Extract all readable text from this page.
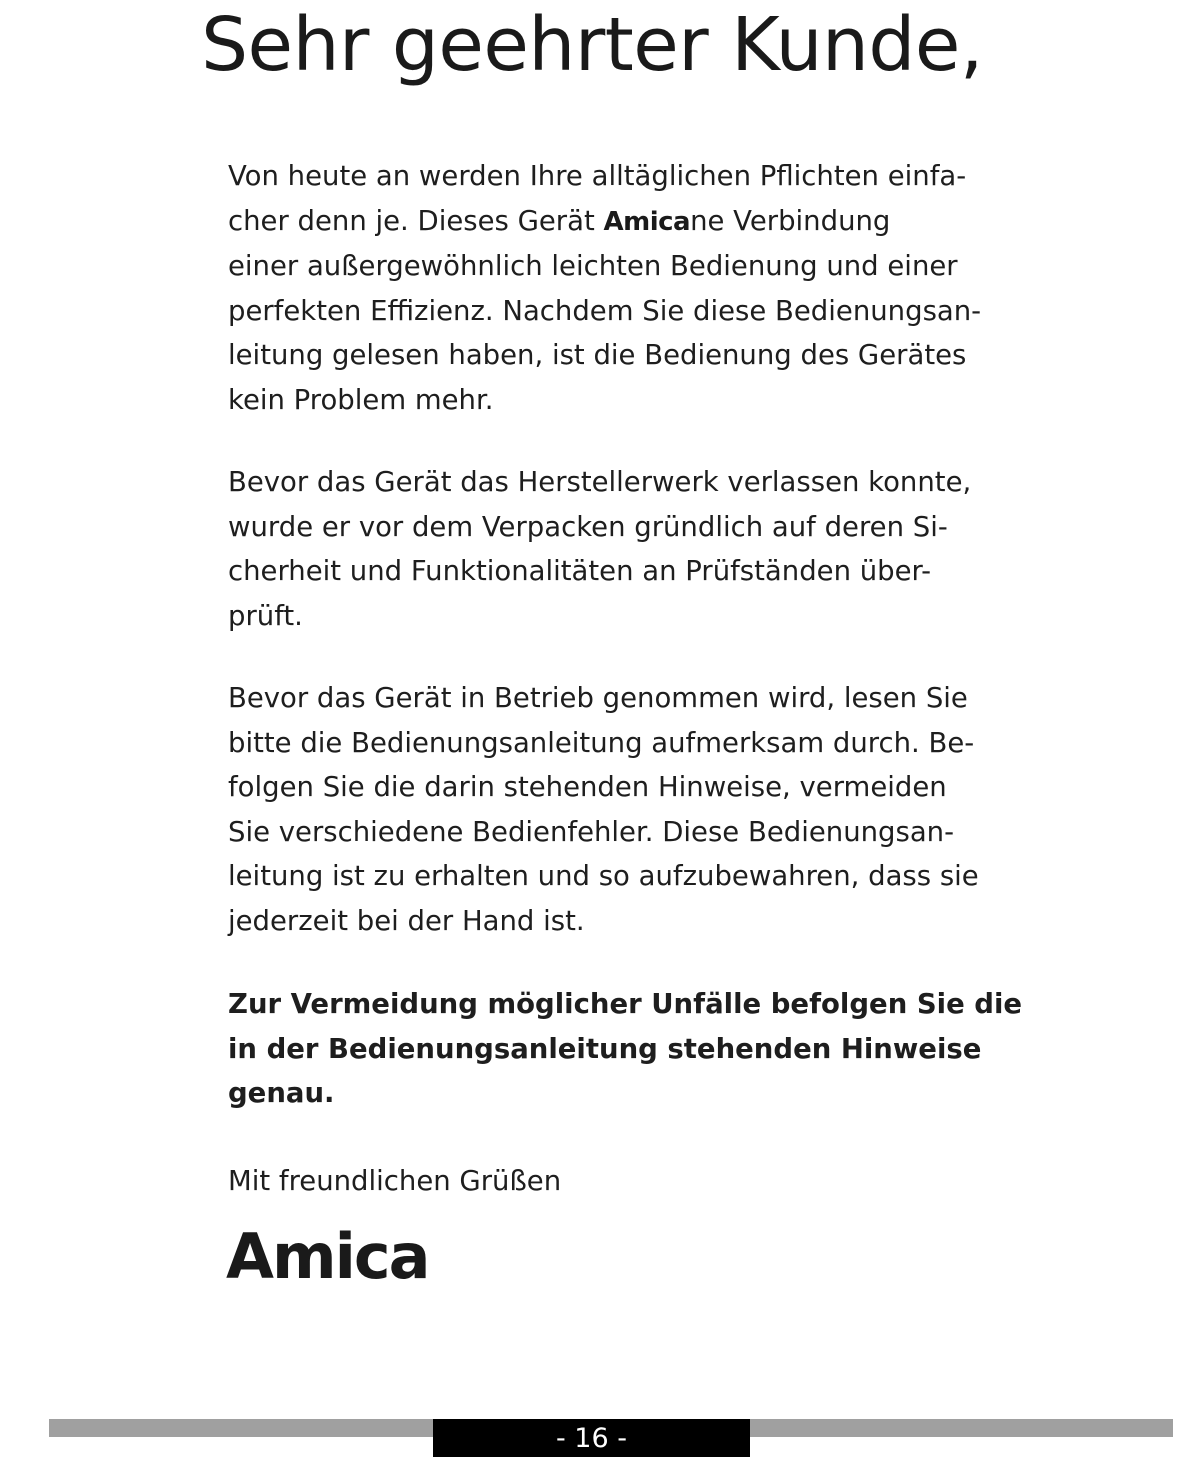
Sehr geehrter Kunde,

Von heute an werden Ihre alltäglichen Pflichten einfa-
cher denn je. Dieses Gerät Amicane Verbindung
einer außergewöhnlich leichten Bedienung und einer
perfekten Effizienz. Nachdem Sie diese Bedienungsan-
leitung gelesen haben, ist die Bedienung des Gerätes
kein Problem mehr.

Bevor das Gerät das Herstellerwerk verlassen konnte,
wurde er vor dem Verpacken gründlich auf deren Si-
cherheit und Funktionalitäten an Prüfständen über-
prüft.

Bevor das Gerät in Betrieb genommen wird, lesen Sie
bitte die Bedienungsanleitung aufmerksam durch. Be-
folgen Sie die darin stehenden Hinweise, vermeiden
Sie verschiedene Bedienfehler. Diese Bedienungsan-
leitung ist zu erhalten und so aufzubewahren, dass sie
jederzeit bei der Hand ist.

Zur Vermeidung möglicher Unfälle befolgen Sie die
in der Bedienungsanleitung stehenden Hinweise
genau.

Mit freundlichen Grüßen

Amica
- 16 -
